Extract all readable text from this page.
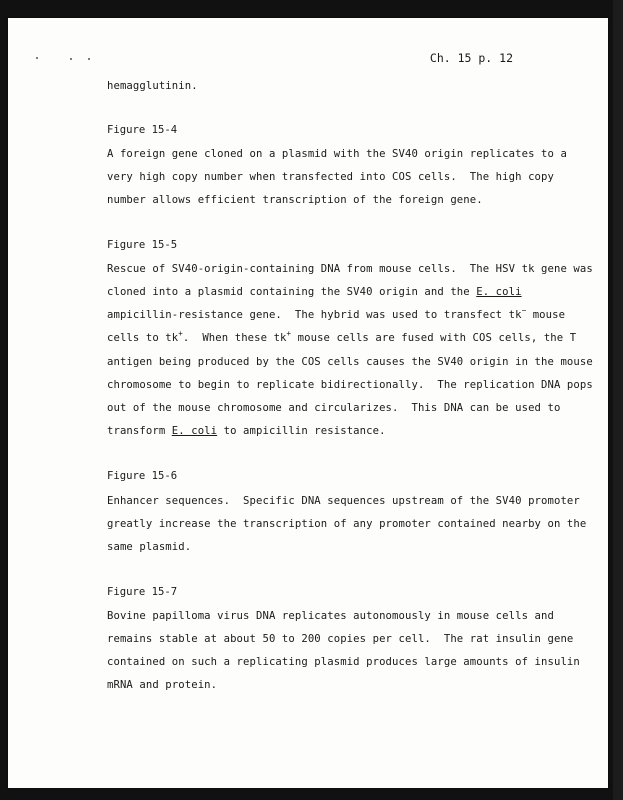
Ch. 15 p. 12
hemagglutinin.
Figure 15-4
A foreign gene cloned on a plasmid with the SV40 origin replicates to a
very high copy number when transfected into COS cells.  The high copy
number allows efficient transcription of the foreign gene.
Figure 15-5
Rescue of SV40-origin-containing DNA from mouse cells.  The HSV tk gene was
cloned into a plasmid containing the SV40 origin and the E. coli
ampicillin-resistance gene.  The hybrid was used to transfect tk− mouse
cells to tk+.  When these tk+ mouse cells are fused with COS cells, the T
antigen being produced by the COS cells causes the SV40 origin in the mouse
chromosome to begin to replicate bidirectionally.  The replication DNA pops
out of the mouse chromosome and circularizes.  This DNA can be used to
transform E. coli to ampicillin resistance.
Figure 15-6
Enhancer sequences.  Specific DNA sequences upstream of the SV40 promoter
greatly increase the transcription of any promoter contained nearby on the
same plasmid.
Figure 15-7
Bovine papilloma virus DNA replicates autonomously in mouse cells and
remains stable at about 50 to 200 copies per cell.  The rat insulin gene
contained on such a replicating plasmid produces large amounts of insulin
mRNA and protein.
